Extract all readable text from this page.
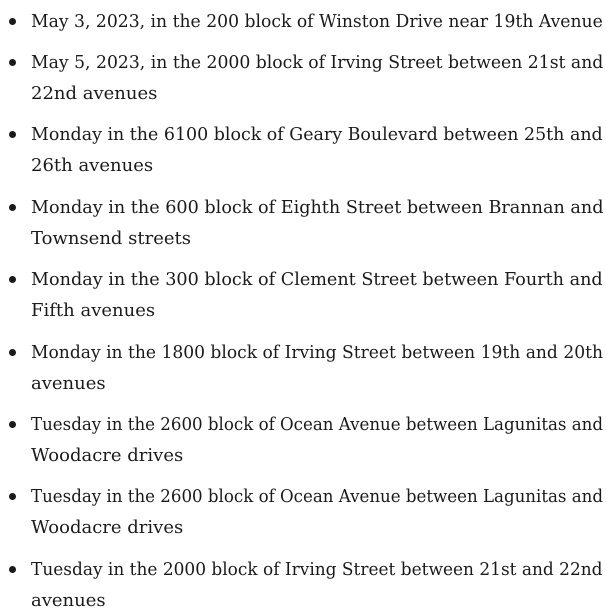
May 3, 2023, in the 200 block of Winston Drive near 19th Avenue
May 5, 2023, in the 2000 block of Irving Street between 21st and
22nd avenues
Monday in the 6100 block of Geary Boulevard between 25th and
26th avenues
Monday in the 600 block of Eighth Street between Brannan and
Townsend streets
Monday in the 300 block of Clement Street between Fourth and
Fifth avenues
Monday in the 1800 block of Irving Street between 19th and 20th
avenues
Tuesday in the 2600 block of Ocean Avenue between Lagunitas and
Woodacre drives
Tuesday in the 2600 block of Ocean Avenue between Lagunitas and
Woodacre drives
Tuesday in the 2000 block of Irving Street between 21st and 22nd
avenues
